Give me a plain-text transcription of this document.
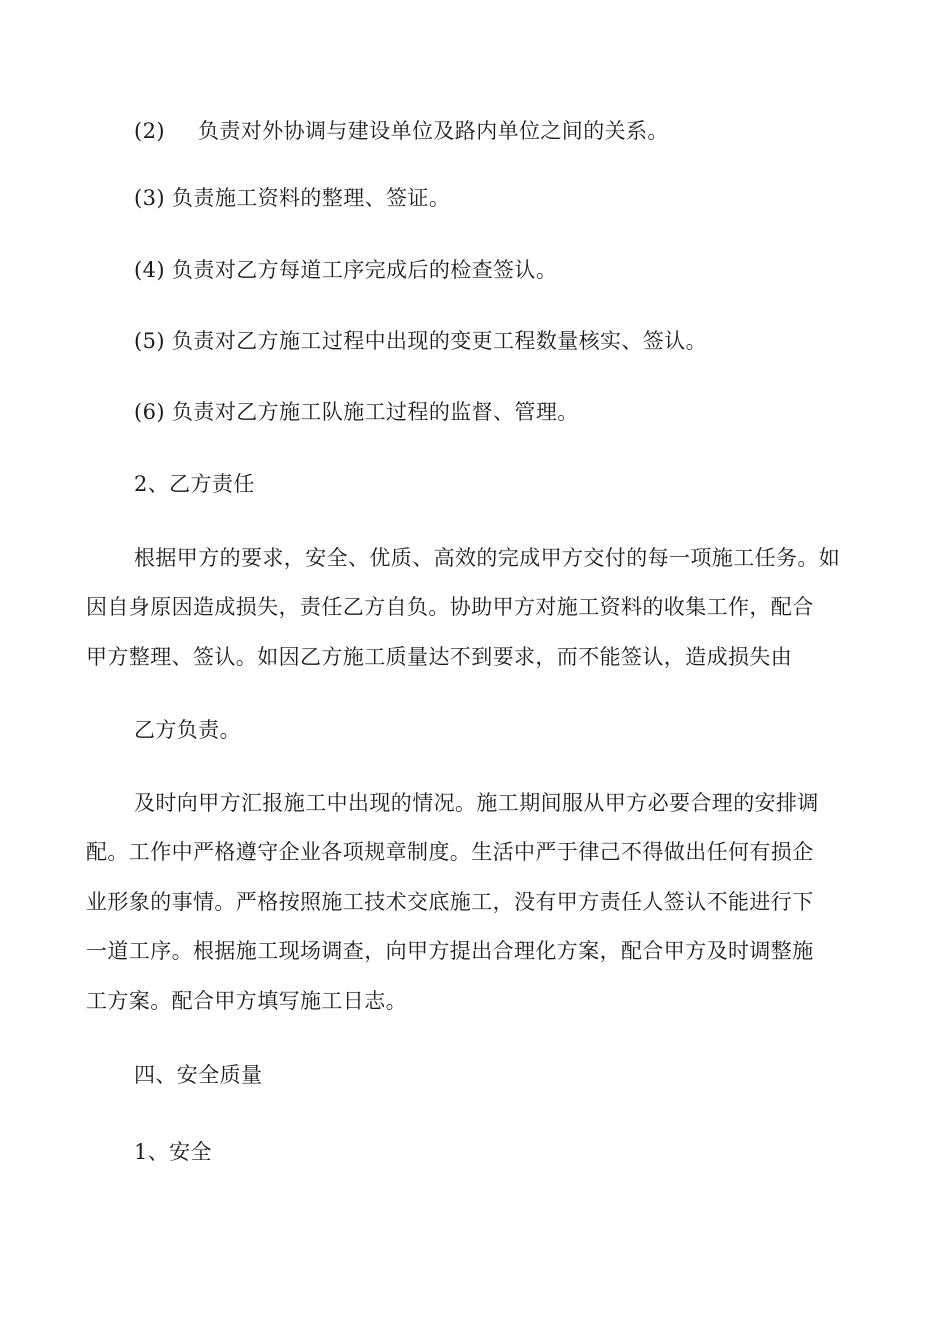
(2) 负责对外协调与建设单位及路内单位之间的关系。
(3) 负责施工资料的整理、签证。
(4) 负责对乙方每道工序完成后的检查签认。
(5) 负责对乙方施工过程中出现的变更工程数量核实、签认。
(6) 负责对乙方施工队施工过程的监督、管理。
2、乙方责任
根据甲方的要求，安全、优质、高效的完成甲方交付的每一项施工任务。如
因自身原因造成损失，责任乙方自负。协助甲方对施工资料的收集工作，配合
甲方整理、签认。如因乙方施工质量达不到要求，而不能签认，造成损失由
乙方负责。
及时向甲方汇报施工中出现的情况。施工期间服从甲方必要合理的安排调
配。工作中严格遵守企业各项规章制度。生活中严于律己不得做出任何有损企
业形象的事情。严格按照施工技术交底施工，没有甲方责任人签认不能进行下
一道工序。根据施工现场调查，向甲方提出合理化方案，配合甲方及时调整施
工方案。配合甲方填写施工日志。
四、安全质量
1、安全
